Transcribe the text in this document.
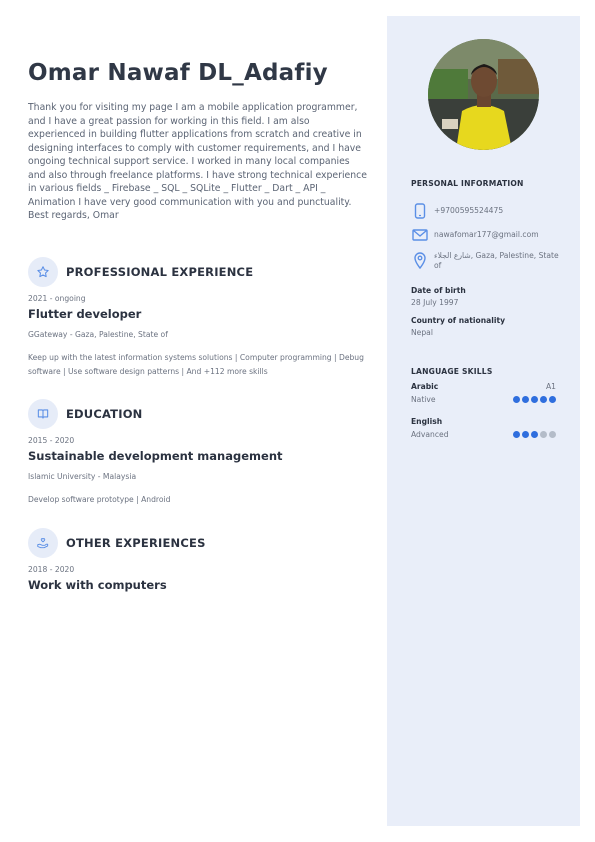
Omar Nawaf DL_Adafiy

Thank you for visiting my page I am a mobile application programmer, and I have a great passion for working in this field. I am also experienced in building flutter applications from scratch and creative in designing interfaces to comply with customer requirements, and I have ongoing technical support service. I worked in many local companies and also through freelance platforms. I have strong technical experience in various fields _ Firebase _ SQL _ SQLite _ Flutter _ Dart _ API _ Animation I have very good communication with you and punctuality. Best regards, Omar

PROFESSIONAL EXPERIENCE
2021 - ongoing
Flutter developer
GGateway - Gaza, Palestine, State of
Keep up with the latest information systems solutions | Computer programming | Debug software | Use software design patterns | And +112 more skills
EDUCATION
2015 - 2020
Sustainable development management
Islamic University - Malaysia
Develop software prototype | Android
OTHER EXPERIENCES
2018 - 2020
Work with computers
PERSONAL INFORMATION
+9700595524475
nawafomar177@gmail.com
شارع الجلاء, Gaza, Palestine, State of
Date of birth
28 July 1997
Country of nationality
Nepal
LANGUAGE SKILLS
Arabic	A1
Native
English
Advanced
